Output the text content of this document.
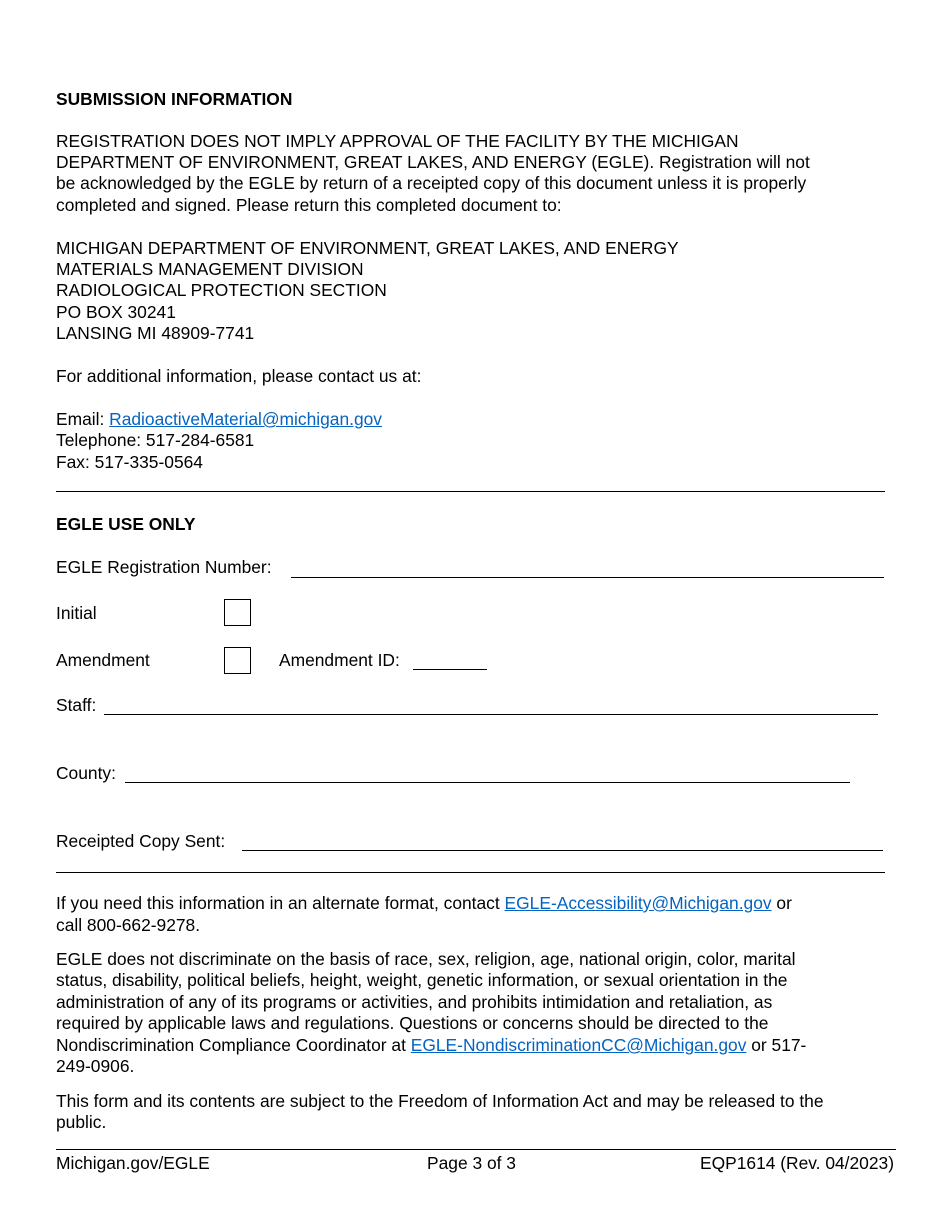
SUBMISSION INFORMATION
REGISTRATION DOES NOT IMPLY APPROVAL OF THE FACILITY BY THE MICHIGAN
DEPARTMENT OF ENVIRONMENT, GREAT LAKES, AND ENERGY (EGLE). Registration will not
be acknowledged by the EGLE by return of a receipted copy of this document unless it is properly
completed and signed. Please return this completed document to:
MICHIGAN DEPARTMENT OF ENVIRONMENT, GREAT LAKES, AND ENERGY
MATERIALS MANAGEMENT DIVISION
RADIOLOGICAL PROTECTION SECTION
PO BOX 30241
LANSING MI 48909-7741
For additional information, please contact us at:
Email: RadioactiveMaterial@michigan.gov
Telephone: 517-284-6581
Fax: 517-335-0564
EGLE USE ONLY
EGLE Registration Number:
Initial
Amendment	Amendment ID:
Staff:
County:
Receipted Copy Sent:
If you need this information in an alternate format, contact EGLE-Accessibility@Michigan.gov or
call 800-662-9278.
EGLE does not discriminate on the basis of race, sex, religion, age, national origin, color, marital
status, disability, political beliefs, height, weight, genetic information, or sexual orientation in the
administration of any of its programs or activities, and prohibits intimidation and retaliation, as
required by applicable laws and regulations. Questions or concerns should be directed to the
Nondiscrimination Compliance Coordinator at EGLE-NondiscriminationCC@Michigan.gov or 517-
249-0906.
This form and its contents are subject to the Freedom of Information Act and may be released to the
public.
Michigan.gov/EGLE	Page 3 of 3	EQP1614 (Rev. 04/2023)
